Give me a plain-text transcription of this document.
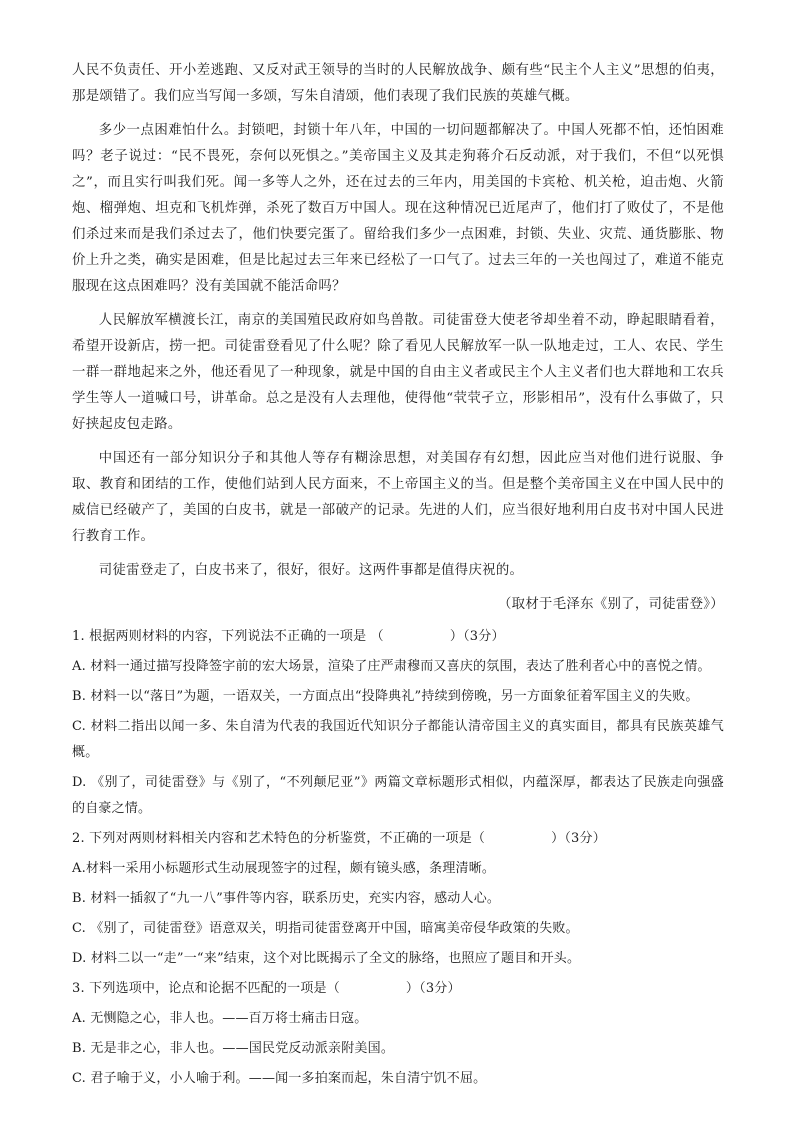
人民不负责任、开小差逃跑、又反对武王领导的当时的人民解放战争、颇有些“民主个人主义”思想的伯夷，那是颂错了。我们应当写闻一多颂，写朱自清颂，他们表现了我们民族的英雄气概。

多少一点困难怕什么。封锁吧，封锁十年八年，中国的一切问题都解决了。中国人死都不怕，还怕困难吗？老子说过：“民不畏死，奈何以死惧之。”美帝国主义及其走狗蒋介石反动派，对于我们，不但“以死惧之”，而且实行叫我们死。闻一多等人之外，还在过去的三年内，用美国的卡宾枪、机关枪，迫击炮、火箭炮、榴弹炮、坦克和飞机炸弹，杀死了数百万中国人。现在这种情况已近尾声了，他们打了败仗了，不是他们杀过来而是我们杀过去了，他们快要完蛋了。留给我们多少一点困难，封锁、失业、灾荒、通货膨胀、物价上升之类，确实是困难，但是比起过去三年来已经松了一口气了。过去三年的一关也闯过了，难道不能克服现在这点困难吗？没有美国就不能活命吗？

人民解放军横渡长江，南京的美国殖民政府如鸟兽散。司徒雷登大使老爷却坐着不动，睁起眼睛看着，希望开设新店，捞一把。司徒雷登看见了什么呢？除了看见人民解放军一队一队地走过，工人、农民、学生一群一群地起来之外，他还看见了一种现象，就是中国的自由主义者或民主个人主义者们也大群地和工农兵学生等人一道喊口号，讲革命。总之是没有人去理他，使得他“茕茕孑立，形影相吊”，没有什么事做了，只好挟起皮包走路。

中国还有一部分知识分子和其他人等存有糊涂思想，对美国存有幻想，因此应当对他们进行说服、争取、教育和团结的工作，使他们站到人民方面来，不上帝国主义的当。但是整个美帝国主义在中国人民中的威信已经破产了，美国的白皮书，就是一部破产的记录。先进的人们，应当很好地利用白皮书对中国人民进行教育工作。

司徒雷登走了，白皮书来了，很好，很好。这两件事都是值得庆祝的。

（取材于毛泽东《别了，司徒雷登》）

1. 根据两则材料的内容，下列说法不正确的一项是 （　　　　　）（3分）

A. 材料一通过描写投降签字前的宏大场景，渲染了庄严肃穆而又喜庆的氛围，表达了胜利者心中的喜悦之情。

B. 材料一以“落日”为题，一语双关，一方面点出“投降典礼”持续到傍晚，另一方面象征着军国主义的失败。

C. 材料二指出以闻一多、朱自清为代表的我国近代知识分子都能认清帝国主义的真实面目，都具有民族英雄气概。

D. 《别了，司徒雷登》与《别了，“不列颠尼亚”》两篇文章标题形式相似，内蕴深厚，都表达了民族走向强盛的自豪之情。

2. 下列对两则材料相关内容和艺术特色的分析鉴赏，不正确的一项是（　　　　　）（3分）

A.材料一采用小标题形式生动展现签字的过程，颇有镜头感，条理清晰。

B. 材料一插叙了“九一八”事件等内容，联系历史，充实内容，感动人心。

C. 《别了，司徒雷登》语意双关，明指司徒雷登离开中国，暗寓美帝侵华政策的失败。

D. 材料二以一“走”一“来”结束，这个对比既揭示了全文的脉络，也照应了题目和开头。

3. 下列选项中，论点和论据不匹配的一项是（　　　　　）（3分）

A. 无恻隐之心，非人也。——百万将士痛击日寇。

B. 无是非之心，非人也。——国民党反动派亲附美国。

C. 君子喻于义，小人喻于利。——闻一多拍案而起，朱自清宁饥不屈。
